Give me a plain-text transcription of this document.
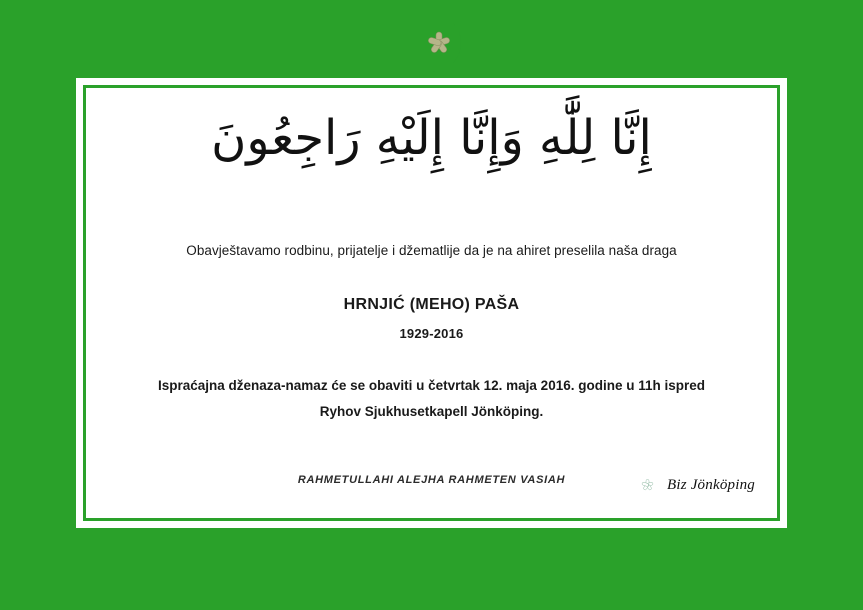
إِنَّا لِلَّٰهِ وَإِنَّا إِلَيْهِ رَاجِعُونَ
Obavještavamo rodbinu, prijatelje i džematlije da je na ahiret preselila naša draga
HRNJIĆ (MEHO) PAŠA
1929-2016
Ispraćajna dženaza-namaz će se obaviti u četvrtak 12. maja 2016. godine u 11h ispred Ryhov Sjukhusetkapell Jönköping.
RAHMETULLAHI ALEJHA RAHMETEN VASIAH	Biz Jönköping
